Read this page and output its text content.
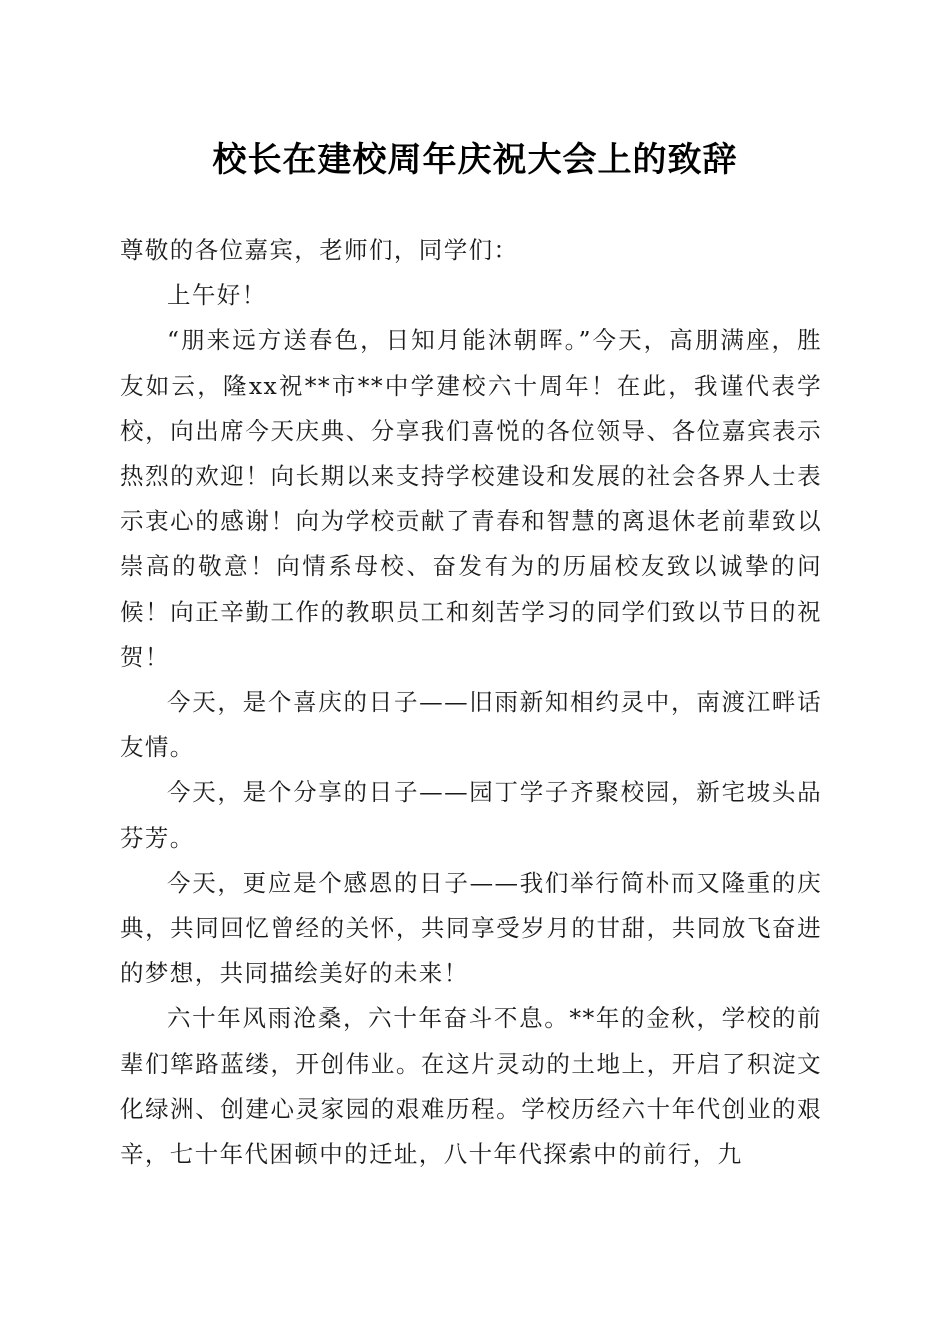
校长在建校周年庆祝大会上的致辞

尊敬的各位嘉宾，老师们，同学们：

上午好！

“朋来远方送春色，日知月能沐朝晖。”今天，高朋满座，胜友如云，隆xx祝**市**中学建校六十周年！在此，我谨代表学校，向出席今天庆典、分享我们喜悦的各位领导、各位嘉宾表示热烈的欢迎！向长期以来支持学校建设和发展的社会各界人士表示衷心的感谢！向为学校贡献了青春和智慧的离退休老前辈致以崇高的敬意！向情系母校、奋发有为的历届校友致以诚挚的问候！向正辛勤工作的教职员工和刻苦学习的同学们致以节日的祝贺！

今天，是个喜庆的日子——旧雨新知相约灵中，南渡江畔话友情。

今天，是个分享的日子——园丁学子齐聚校园，新宅坡头品芬芳。

今天，更应是个感恩的日子——我们举行简朴而又隆重的庆典，共同回忆曾经的关怀，共同享受岁月的甘甜，共同放飞奋进的梦想，共同描绘美好的未来！

六十年风雨沧桑，六十年奋斗不息。**年的金秋，学校的前辈们筚路蓝缕，开创伟业。在这片灵动的土地上，开启了积淀文化绿洲、创建心灵家园的艰难历程。学校历经六十年代创业的艰辛，七十年代困顿中的迁址，八十年代探索中的前行，九
